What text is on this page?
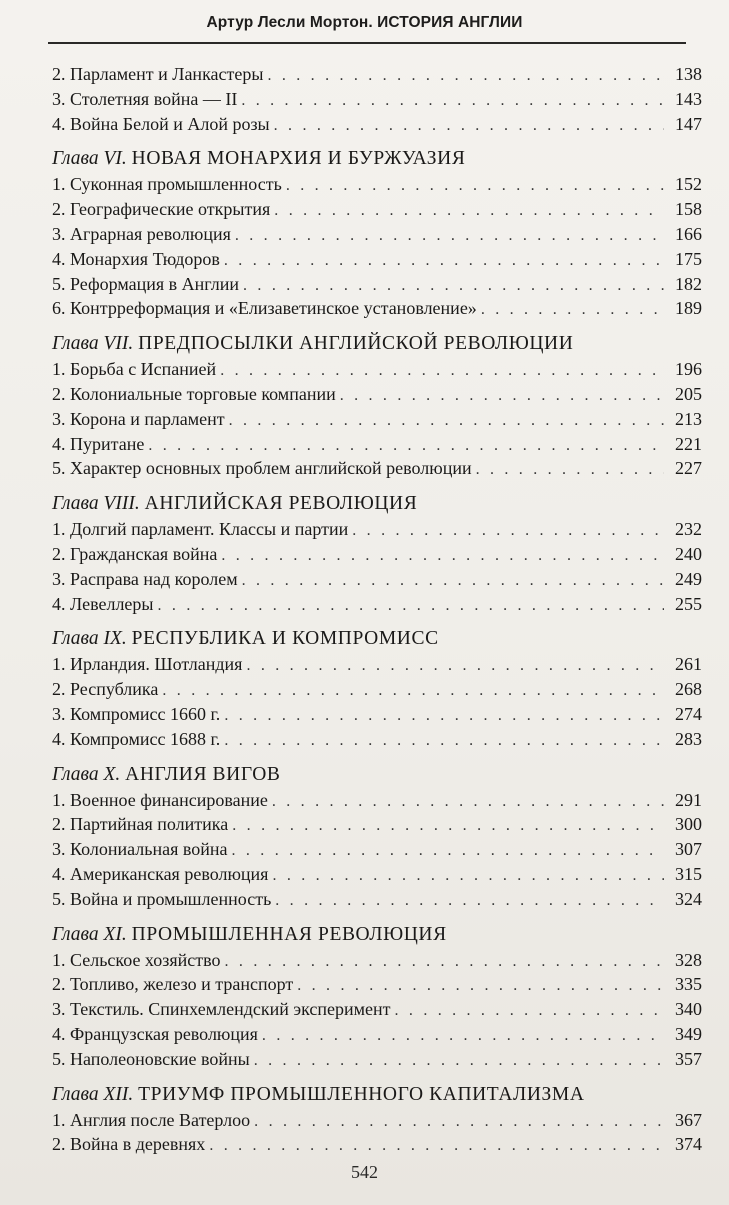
Артур Лесли Мортон. ИСТОРИЯ АНГЛИИ
2. Парламент и Ланкастеры . . .	138
3. Столетняя война — II . . .	143
4. Война Белой и Алой розы . . .	147
Глава VI. НОВАЯ МОНАРХИЯ И БУРЖУАЗИЯ
1. Суконная промышленность . . .	152
2. Географические открытия . . .	158
3. Аграрная революция . . .	166
4. Монархия Тюдоров . . .	175
5. Реформация в Англии . . .	182
6. Контрреформация и «Елизаветинское установление» . . .	189
Глава VII. ПРЕДПОСЫЛКИ АНГЛИЙСКОЙ РЕВОЛЮЦИИ
1. Борьба с Испанией . . .	196
2. Колониальные торговые компании . . .	205
3. Корона и парламент . . .	213
4. Пуритане . . .	221
5. Характер основных проблем английской революции . . .	227
Глава VIII. АНГЛИЙСКАЯ РЕВОЛЮЦИЯ
1. Долгий парламент. Классы и партии . . .	232
2. Гражданская война . . .	240
3. Расправа над королем . . .	249
4. Левеллеры . . .	255
Глава IX. РЕСПУБЛИКА И КОМПРОМИСС
1. Ирландия. Шотландия . . .	261
2. Республика . . .	268
3. Компромисс 1660 г. . . .	274
4. Компромисс 1688 г. . . .	283
Глава X. АНГЛИЯ ВИГОВ
1. Военное финансирование . . .	291
2. Партийная политика . . .	300
3. Колониальная война . . .	307
4. Американская революция . . .	315
5. Война и промышленность . . .	324
Глава XI. ПРОМЫШЛЕННАЯ РЕВОЛЮЦИЯ
1. Сельское хозяйство . . .	328
2. Топливо, железо и транспорт . . .	335
3. Текстиль. Спинхемлендский эксперимент . . .	340
4. Французская революция . . .	349
5. Наполеоновские войны . . .	357
Глава XII. ТРИУМФ ПРОМЫШЛЕННОГО КАПИТАЛИЗМА
1. Англия после Ватерлоо . . .	367
2. Война в деревнях . . .	374
542
